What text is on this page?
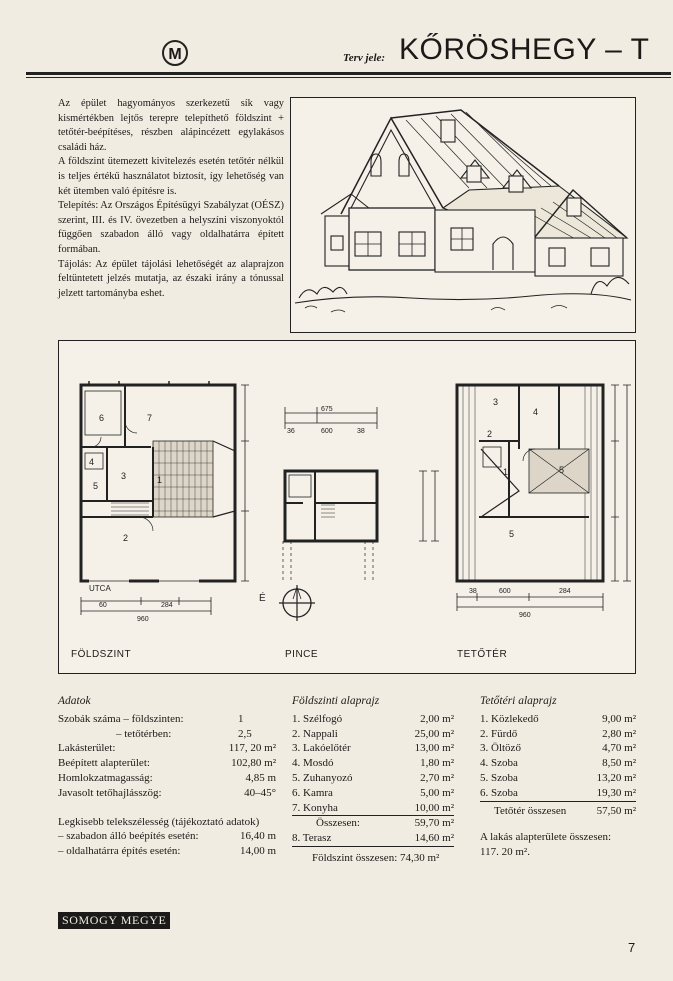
M	Terv jele: KŐRÖSHEGY – T

Az épület hagyományos szerkezetű sík vagy kismértékben lejtős terepre telepíthető földszint + tetőtér-beépítéses, részben alápincézett egylakásos családi ház.

A földszint ütemezett kivitelezés esetén tetőtér nélkül is teljes értékű használatot biztosít, így lehetőség van két ütemben való építésre is.

Telepítés: Az Országos Építésügyi Szabályzat (OÉSZ) szerint, III. és IV. övezetben a helyszíni viszonyoktól függően szabadon álló vagy oldalhatárra épített formában.

Tájolás: Az épület tájolási lehetőségét az alaprajzon feltüntetett jelzés mutatja, az északi irány a tónussal jelzett tartományba eshet.

6	7
3
4
5
1
2
UTCA
60	284
960
É
675
600	38
36
3
4
2
1	5
5
38	600	284
960
FÖLDSZINT	PINCE	TETŐTÉR
Adatok
Szobák száma – földszinten:	1
– tetőtérben:	2,5
Lakásterület:	117, 20 m²
Beépített alapterület:	102,80 m²
Homlokzatmagasság:	4,85 m
Javasolt tetőhajlásszög:	40–45°
Legkisebb telekszélesség (tájékoztató adatok)
– szabadon álló beépítés esetén:	16,40 m
– oldalhatárra építés esetén:	14,00 m
Földszinti alaprajz
1. Szélfogó	2,00 m²
2. Nappali	25,00 m²
3. Lakóelőtér	13,00 m²
4. Mosdó	1,80 m²
5. Zuhanyozó	2,70 m²
6. Kamra	5,00 m²
7. Konyha	10,00 m²
Összesen:	59,70 m²
8. Terasz	14,60 m²
Földszint összesen: 74,30 m²
Tetőtéri alaprajz
1. Közlekedő	9,00 m²
2. Fürdő	2,80 m²
3. Öltöző	4,70 m²
4. Szoba	8,50 m²
5. Szoba	13,20 m²
6. Szoba	19,30 m²
Tetőtér összesen	57,50 m²
A lakás alapterülete összesen:
117. 20 m².
SOMOGY MEGYE
7
